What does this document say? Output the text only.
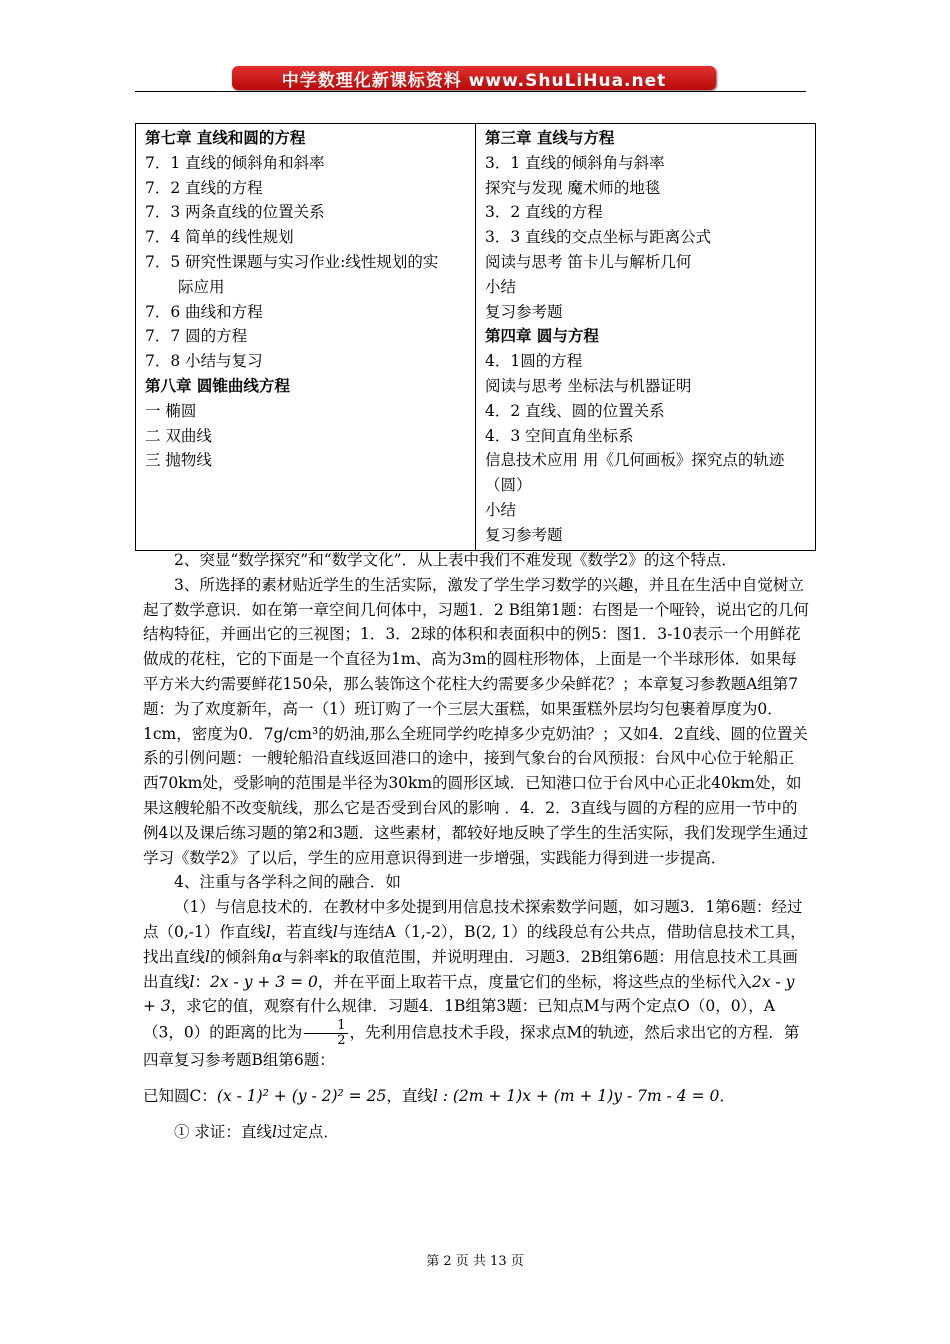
中学数理化新课标资料 www.ShuLiHua.net
第七章 直线和圆的方程
7．1 直线的倾斜角和斜率
7．2 直线的方程
7．3 两条直线的位置关系
7．4 简单的线性规划
7．5 研究性课题与实习作业:线性规划的实
际应用
7．6 曲线和方程
7．7 圆的方程
7．8 小结与复习
第八章 圆锥曲线方程
一 椭圆
二 双曲线
三 抛物线

第三章 直线与方程
3．1 直线的倾斜角与斜率
探究与发现 魔术师的地毯
3．2 直线的方程
3．3 直线的交点坐标与距离公式
阅读与思考 笛卡儿与解析几何
小结
复习参考题
第四章 圆与方程
4．1圆的方程
阅读与思考 坐标法与机器证明
4．2 直线、圆的位置关系
4．3 空间直角坐标系
信息技术应用 用《几何画板》探究点的轨迹
（圆）
小结
复习参考题

2、突显“数学探究”和“数学文化”．从上表中我们不难发现《数学2》的这个特点．

3、所选择的素材贴近学生的生活实际，激发了学生学习数学的兴趣，并且在生活中自觉树立起了数学意识．如在第一章空间几何体中，习题1．2 B组第1题：右图是一个哑铃，说出它的几何结构特征，并画出它的三视图；1．3．2球的体积和表面积中的例5：图1．3-10表示一个用鲜花做成的花柱，它的下面是一个直径为1m、高为3m的圆柱形物体，上面是一个半球形体．如果每平方米大约需要鲜花150朵，那么装饰这个花柱大约需要多少朵鲜花？；本章复习参教题A组第7题：为了欢度新年，高一（1）班订购了一个三层大蛋糕，如果蛋糕外层均匀包裹着厚度为0．1cm，密度为0．7g/cm³的奶油,那么全班同学约吃掉多少克奶油？；又如4．2直线、圆的位置关系的引例问题：一艘轮船沿直线返回港口的途中，接到气象台的台风预报：台风中心位于轮船正西70km处，受影响的范围是半径为30km的圆形区域．已知港口位于台风中心正北40km处，如果这艘轮船不改变航线，那么它是否受到台风的影响 ．4．2．3直线与圆的方程的应用一节中的例4以及课后练习题的第2和3题．这些素材，都较好地反映了学生的生活实际，我们发现学生通过学习《数学2》了以后，学生的应用意识得到进一步增强，实践能力得到进一步提高．

4、注重与各学科之间的融合．如

（1）与信息技术的．在教材中多处提到用信息技术探索数学问题，如习题3．1第6题：经过点（0,-1）作直线l，若直线l与连结A（1,-2），B(2, 1）的线段总有公共点，借助信息技术工具，找出直线l的倾斜角α与斜率k的取值范围，并说明理由．习题3．2B组第6题：用信息技术工具画出直线l：2x - y + 3 = 0，并在平面上取若干点，度量它们的坐标，将这些点的坐标代入2x - y + 3，求它的值，观察有什么规律．习题4．1B组第3题：已知点M与两个定点O（0，0），A（3，0）的距离的比为 $\frac{1}{2}$ ，先利用信息技术手段，探求点M的轨迹，然后求出它的方程．第四章复习参考题B组第6题：

已知圆C：(x - 1)² + (y - 2)² = 25，直线l : (2m + 1)x + (m + 1)y - 7m - 4 = 0．

① 求证：直线l过定点．

第 2 页 共 13 页
